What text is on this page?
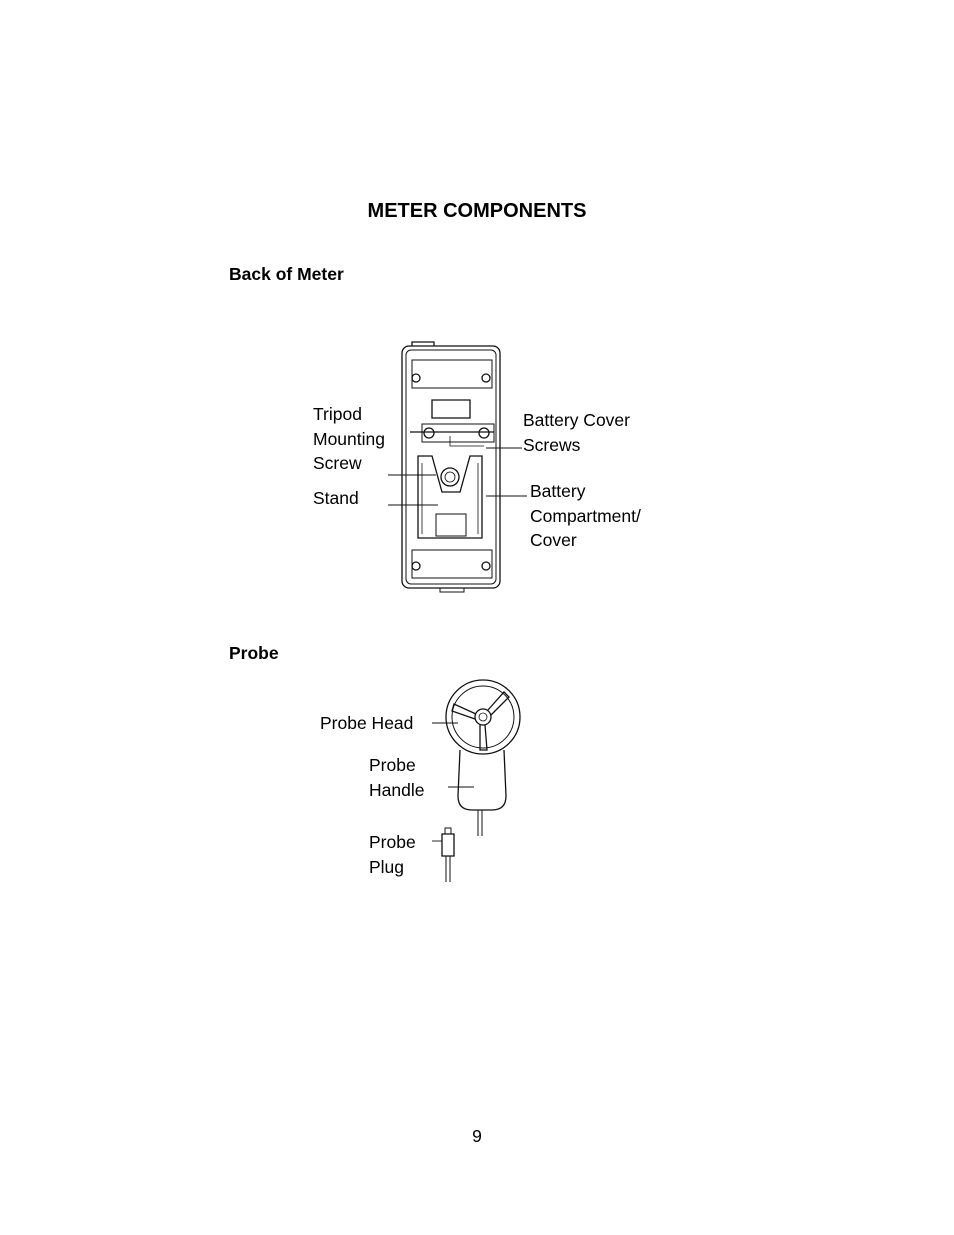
METER COMPONENTS
Back of Meter
Tripod
Mounting
Screw
Stand
Battery Cover
Screws
Battery
Compartment/
Cover
Probe
Probe Head
Probe
Handle
Probe
Plug
9
